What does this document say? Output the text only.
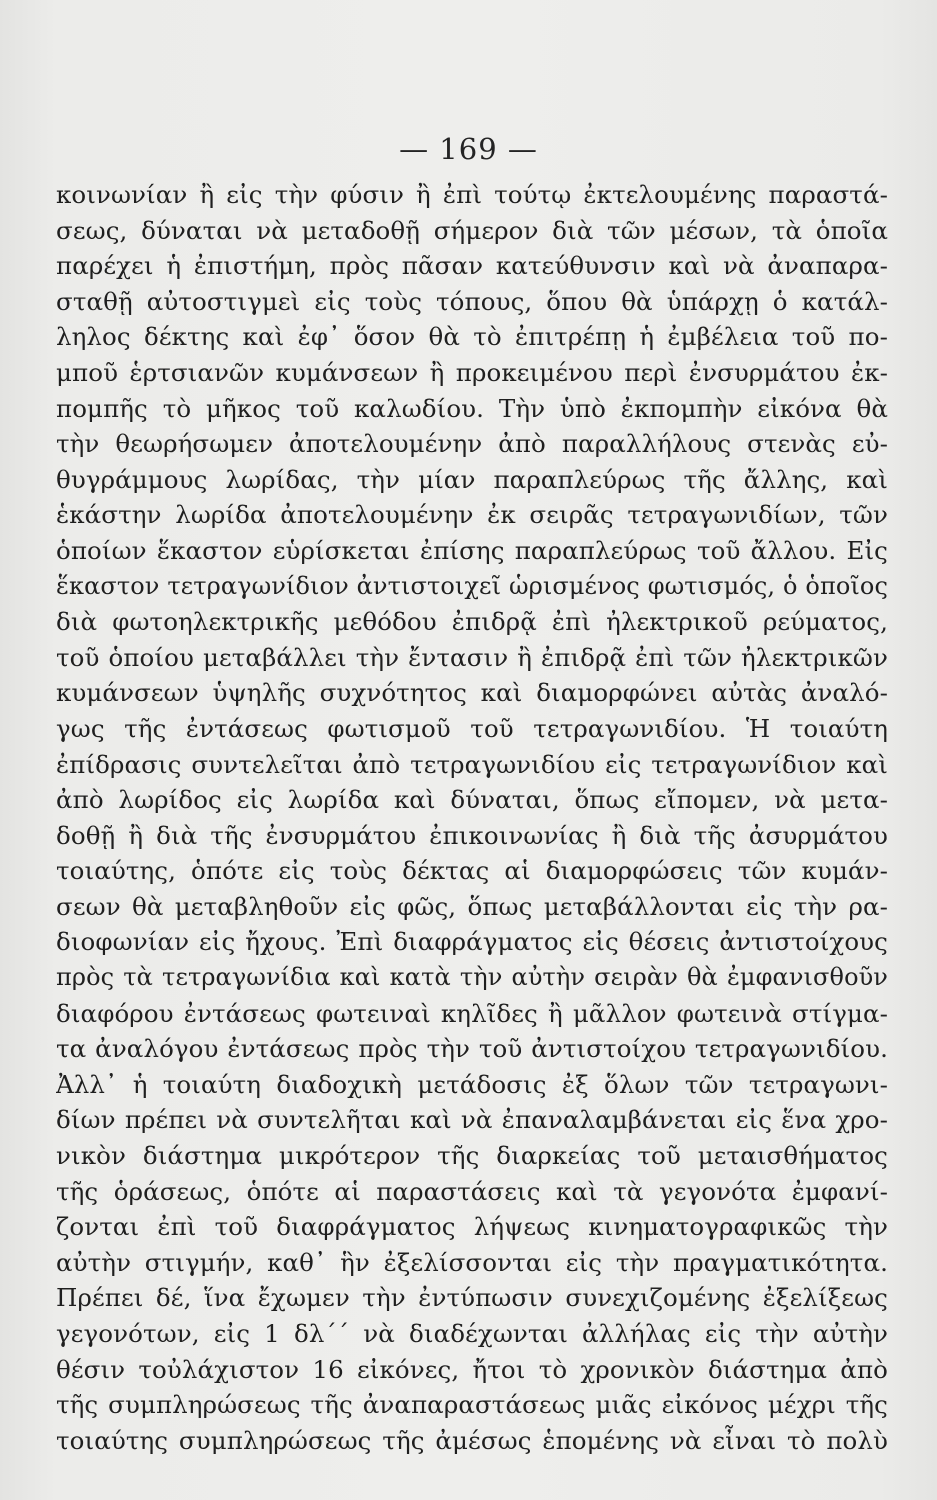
— 169 —
κοινωνίαν ἢ εἰς τὴν φύσιν ἢ ἐπὶ τούτῳ ἐκτελουμένης παραστά-
σεως, δύναται νὰ μεταδοθῇ σήμερον διὰ τῶν μέσων, τὰ ὁποῖα
παρέχει ἡ ἐπιστήμη, πρὸς πᾶσαν κατεύθυνσιν καὶ νὰ ἀναπαρα-
σταθῇ αὐτοστιγμεὶ εἰς τοὺς τόπους, ὅπου θὰ ὑπάρχῃ ὁ κατάλ-
ληλος δέκτης καὶ ἐφ᾽ ὅσον θὰ τὸ ἐπιτρέπῃ ἡ ἐμβέλεια τοῦ πο-
μποῦ ἑρτσιανῶν κυμάνσεων ἢ προκειμένου περὶ ἐνσυρμάτου ἐκ-
πομπῆς τὸ μῆκος τοῦ καλωδίου. Τὴν ὑπὸ ἐκπομπὴν εἰκόνα θὰ
τὴν θεωρήσωμεν ἀποτελουμένην ἀπὸ παραλλήλους στενὰς εὐ-
θυγράμμους λωρίδας, τὴν μίαν παραπλεύρως τῆς ἄλλης, καὶ
ἑκάστην λωρίδα ἀποτελουμένην ἐκ σειρᾶς τετραγωνιδίων, τῶν
ὁποίων ἕκαστον εὑρίσκεται ἐπίσης παραπλεύρως τοῦ ἄλλου. Εἰς
ἕκαστον τετραγωνίδιον ἀντιστοιχεῖ ὡρισμένος φωτισμός, ὁ ὁποῖος
διὰ φωτοηλεκτρικῆς μεθόδου ἐπιδρᾷ ἐπὶ ἠλεκτρικοῦ ρεύματος,
τοῦ ὁποίου μεταβάλλει τὴν ἔντασιν ἢ ἐπιδρᾷ ἐπὶ τῶν ἠλεκτρικῶν
κυμάνσεων ὑψηλῆς συχνότητος καὶ διαμορφώνει αὐτὰς ἀναλό-
γως τῆς ἐντάσεως φωτισμοῦ τοῦ τετραγωνιδίου. Ἡ τοιαύτη
ἐπίδρασις συντελεῖται ἀπὸ τετραγωνιδίου εἰς τετραγωνίδιον καὶ
ἀπὸ λωρίδος εἰς λωρίδα καὶ δύναται, ὅπως εἴπομεν, νὰ μετα-
δοθῇ ἢ διὰ τῆς ἐνσυρμάτου ἐπικοινωνίας ἢ διὰ τῆς ἀσυρμάτου
τοιαύτης, ὁπότε εἰς τοὺς δέκτας αἱ διαμορφώσεις τῶν κυμάν-
σεων θὰ μεταβληθοῦν εἰς φῶς, ὅπως μεταβάλλονται εἰς τὴν ρα-
διοφωνίαν εἰς ἤχους. Ἐπὶ διαφράγματος εἰς θέσεις ἀντιστοίχους
πρὸς τὰ τετραγωνίδια καὶ κατὰ τὴν αὐτὴν σειρὰν θὰ ἐμφανισθοῦν
διαφόρου ἐντάσεως φωτειναὶ κηλῖδες ἢ μᾶλλον φωτεινὰ στίγμα-
τα ἀναλόγου ἐντάσεως πρὸς τὴν τοῦ ἀντιστοίχου τετραγωνιδίου.
Ἀλλ᾽ ἡ τοιαύτη διαδοχικὴ μετάδοσις ἐξ ὅλων τῶν τετραγωνι-
δίων πρέπει νὰ συντελῆται καὶ νὰ ἐπαναλαμβάνεται εἰς ἕνα χρο-
νικὸν διάστημα μικρότερον τῆς διαρκείας τοῦ μεταισθήματος
τῆς ὁράσεως, ὁπότε αἱ παραστάσεις καὶ τὰ γεγονότα ἐμφανί-
ζονται ἐπὶ τοῦ διαφράγματος λήψεως κινηματογραφικῶς τὴν
αὐτὴν στιγμήν, καθ᾽ ἣν ἐξελίσσονται εἰς τὴν πραγματικότητα.
Πρέπει δέ, ἵνα ἔχωμεν τὴν ἐντύπωσιν συνεχιζομένης ἐξελίξεως
γεγονότων, εἰς 1 δλ΄΄ νὰ διαδέχωνται ἀλλήλας εἰς τὴν αὐτὴν
θέσιν τοὐλάχιστον 16 εἰκόνες, ἤτοι τὸ χρονικὸν διάστημα ἀπὸ
τῆς συμπληρώσεως τῆς ἀναπαραστάσεως μιᾶς εἰκόνος μέχρι τῆς
τοιαύτης συμπληρώσεως τῆς ἀμέσως ἑπομένης νὰ εἶναι τὸ πολὺ
